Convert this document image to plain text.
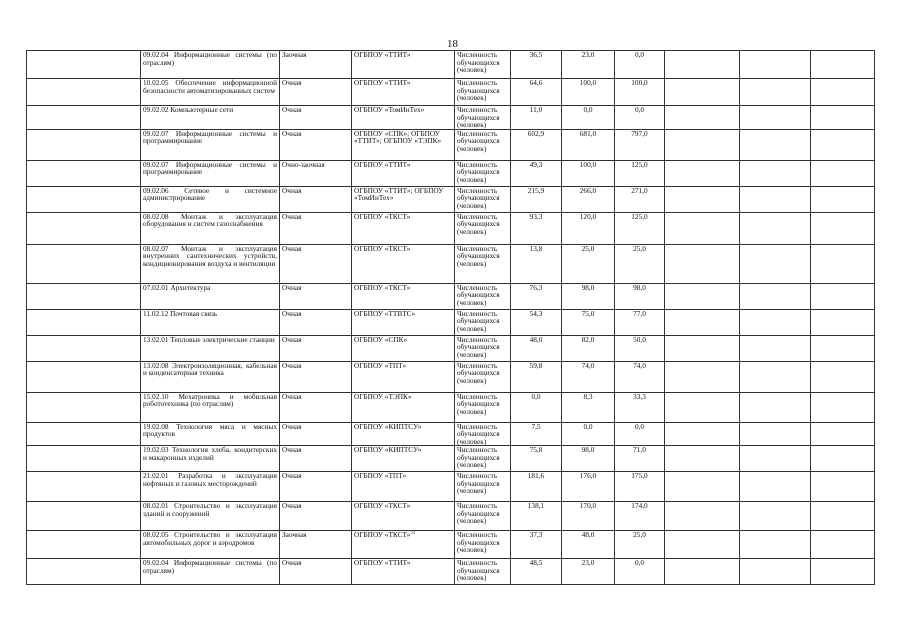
18
	09.02.04 Информационные системы (по отраслям)	Заочная	ОГБПОУ «ТТИТ»	Численность обучающихся (человек)	36,5	23,0	0,0			
	10.02.05 Обеспечение информационной безопасности автоматизированных систем	Очная	ОГБПОУ «ТТИТ»	Численность обучающихся (человек)	64,6	100,0	100,0			
	09.02.02 Компьютерные сети	Очная	ОГБПОУ «ТомИнТех»	Численность обучающихся (человек)	11,0	0,0	0,0			
	09.02.07 Информационные системы и программирование	Очная	ОГБПОУ «СПК»; ОГБПОУ «ТТИТ»; ОГБПОУ «ТЭПК»	Численность обучающихся (человек)	602,9	681,0	797,0			
	09.02.07 Информационные системы и программирование	Очно-заочная	ОГБПОУ «ТТИТ»	Численность обучающихся (человек)	49,3	100,0	125,0			
	09.02.06 Сетевое и системное администрирование	Очная	ОГБПОУ «ТТИТ»; ОГБПОУ «ТомИнТех»	Численность обучающихся (человек)	215,9	266,0	271,0			
	08.02.08 Монтаж и эксплуатация оборудования и систем газоснабжения	Очная	ОГБПОУ «ТКСТ»	Численность обучающихся (человек)	93,3	120,0	125,0			
	08.02.07 Монтаж и эксплуатация внутренних сантехнических устройств, кондиционирования воздуха и вентиляции	Очная	ОГБПОУ «ТКСТ»	Численность обучающихся (человек)	13,8	25,0	25,0			
	07.02.01 Архитектура	Очная	ОГБПОУ «ТКСТ»	Численность обучающихся (человек)	76,3	98,0	98,0			
	11.02.12 Почтовая связь	Очная	ОГБПОУ «ТТВТС»	Численность обучающихся (человек)	54,3	75,0	77,0			
	13.02.01 Тепловые электрические станции	Очная	ОГБПОУ «СПК»	Численность обучающихся (человек)	48,0	82,0	50,0			
	13.02.08 Электроизоляционная, кабельная и конденсаторная техника	Очная	ОГБПОУ «ТПТ»	Численность обучающихся (человек)	59,8	74,0	74,0			
	15.02.10 Мехатроника и мобильная робототехника (по отраслям)	Очная	ОГБПОУ «ТЭПК»	Численность обучающихся (человек)	0,0	8,3	33,3			
	19.02.08 Технология мяса и мясных продуктов	Очная	ОГБПОУ «КИПТСУ»	Численность обучающихся (человек)	7,5	0,0	0,0			
	19.02.03 Технология хлеба, кондитерских и макаронных изделий	Очная	ОГБПОУ «КИПТСУ»	Численность обучающихся (человек)	75,8	98,0	71,0			
	21.02.01 Разработка и эксплуатация нефтяных и газовых месторождений	Очная	ОГБПОУ «ТПТ»	Численность обучающихся (человек)	181,6	176,0	175,0			
	08.02.01 Строительство и эксплуатация зданий и сооружений	Очная	ОГБПОУ «ТКСТ»	Численность обучающихся (человек)	138,1	170,0	174,0			
	08.02.05 Строительство и эксплуатация автомобильных дорог и аэродромов	Заочная	ОГБПОУ «ТКСТ»$^{32}$	Численность обучающихся (человек)	37,3	48,0	25,0			
	09.02.04 Информационные системы (по отраслям)	Очная	ОГБПОУ «ТТИТ»	Численность обучающихся (человек)	48,5	23,0	0,0			
